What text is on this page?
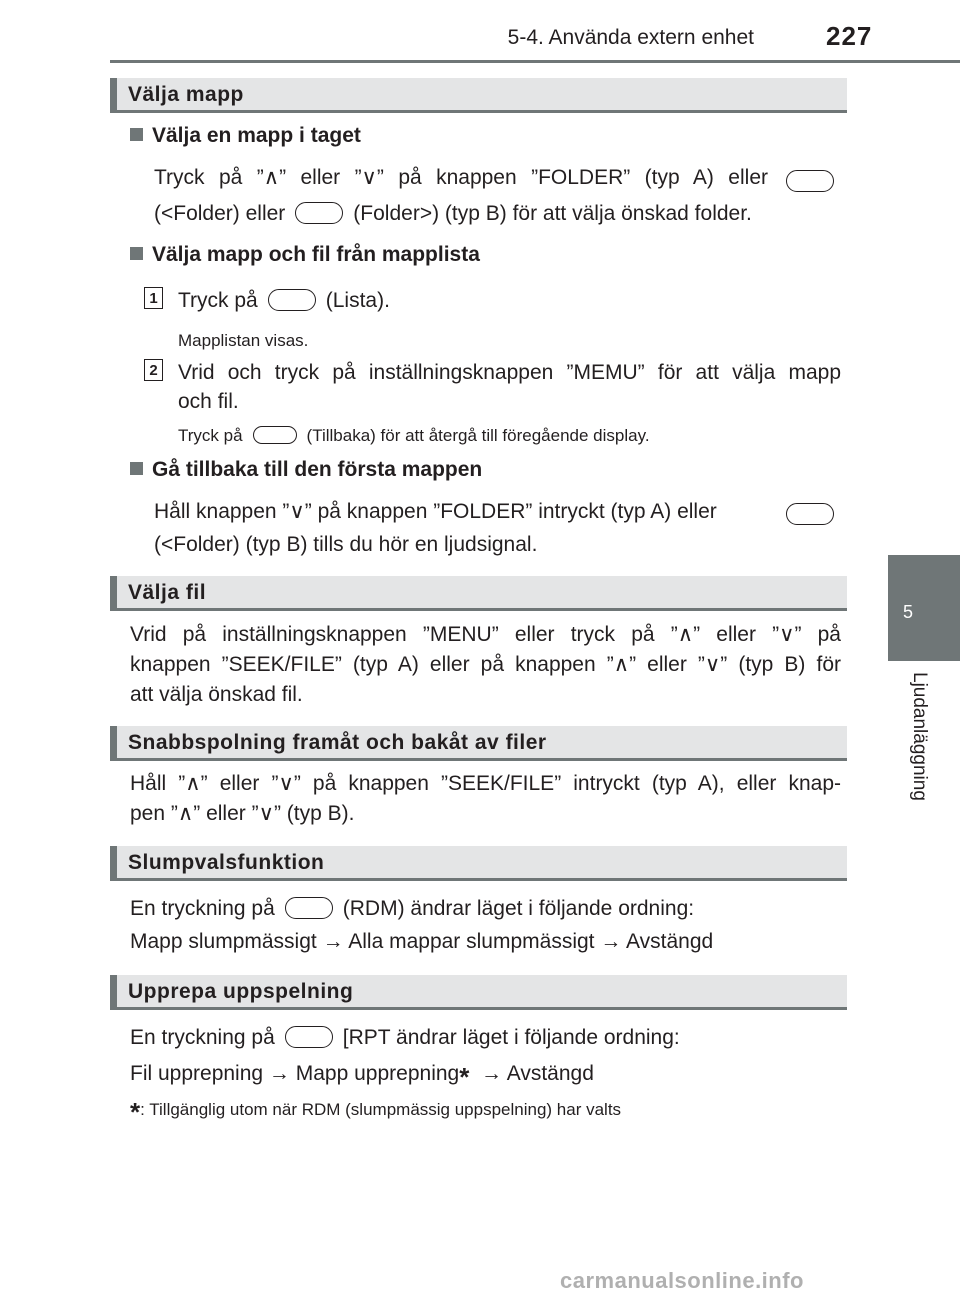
5-4. Använda extern enhet	227
5
Ljudanläggning
Välja mapp
Välja en mapp i taget
Tryck på ”∧” eller ”∨” på knappen ”FOLDER” (typ A) eller
(<Folder) eller	(Folder>) (typ B) för att välja önskad folder.
Välja mapp och fil från mapplista
1 Tryck på	(Lista).
Mapplistan visas.
2 Vrid och tryck på inställningsknappen ”MEMU” för att välja mapp
och fil.
Tryck på	(Tillbaka) för att återgå till föregående display.
Gå tillbaka till den första mappen
Håll knappen ”∨” på knappen ”FOLDER” intryckt (typ A) eller
(<Folder) (typ B) tills du hör en ljudsignal.
Välja fil
Vrid på inställningsknappen ”MENU” eller tryck på ”∧” eller ”∨” på
knappen ”SEEK/FILE” (typ A) eller på knappen ”∧” eller ”∨” (typ B) för
att välja önskad fil.
Snabbspolning framåt och bakåt av filer
Håll ”∧” eller ”∨” på knappen ”SEEK/FILE” intryckt (typ A), eller knap-
pen ”∧” eller ”∨” (typ B).
Slumpvalsfunktion
En tryckning på	(RDM) ändrar läget i följande ordning:
Mapp slumpmässigt → Alla mappar slumpmässigt → Avstängd
Upprepa uppspelning
En tryckning på	[RPT ändrar läget i följande ordning:
Fil upprepning → Mapp upprepning* → Avstängd
*: Tillgänglig utom när RDM (slumpmässig uppspelning) har valts
carmanualsonline.info
